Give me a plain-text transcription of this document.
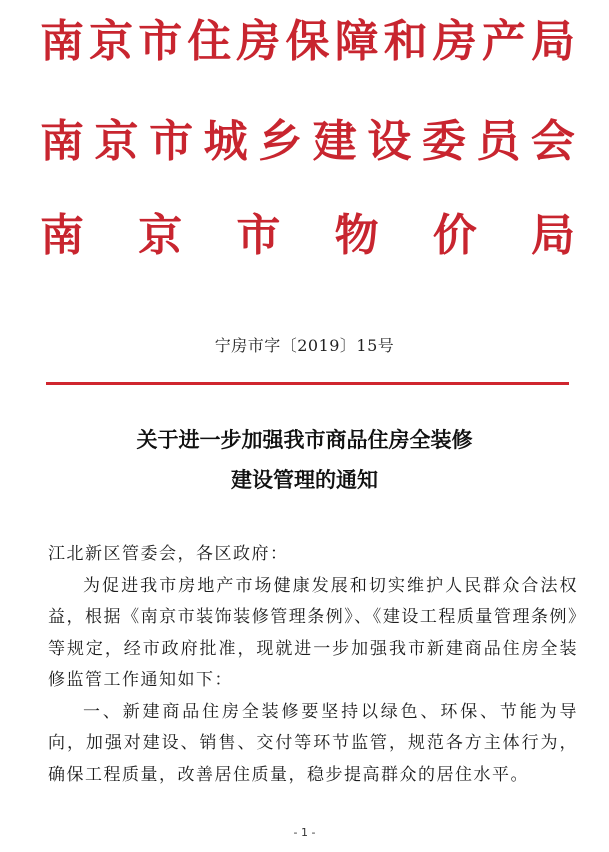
南 京 市 住 房 保 障 和 房 产 局
南 京 市 城 乡 建 设 委 员 会
南 京 市 物 价 局
宁房市字〔2019〕15号
关于进一步加强我市商品住房全装修
建设管理的通知

江北新区管委会，各区政府：

为促进我市房地产市场健康发展和切实维护人民群众合法权益，根据《南京市装饰装修管理条例》、《建设工程质量管理条例》等规定，经市政府批准，现就进一步加强我市新建商品住房全装修监管工作通知如下：

一、新建商品住房全装修要坚持以绿色、环保、节能为导向，加强对建设、销售、交付等环节监管，规范各方主体行为，确保工程质量，改善居住质量，稳步提高群众的居住水平。

- 1 -
